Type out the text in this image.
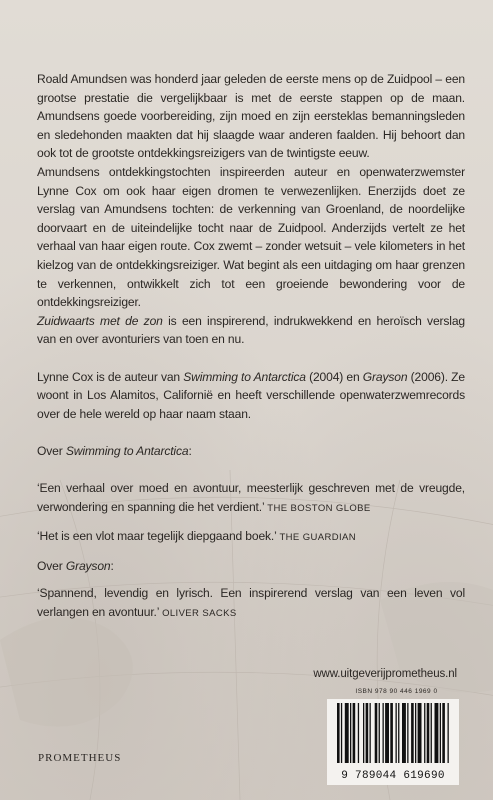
Roald Amundsen was honderd jaar geleden de eerste mens op de Zuidpool – een grootse prestatie die vergelijkbaar is met de eerste stappen op de maan. Amundsens goede voorbereiding, zijn moed en zijn eersteklas bemanningsleden en sledehonden maakten dat hij slaagde waar anderen faalden. Hij behoort dan ook tot de grootste ontdekkingsreizigers van de twintigste eeuw.

Amundsens ontdekkingstochten inspireerden auteur en openwaterzwemster Lynne Cox om ook haar eigen dromen te verwezenlijken. Enerzijds doet ze verslag van Amundsens tochten: de verkenning van Groenland, de noordelijke doorvaart en de uiteindelijke tocht naar de Zuidpool. Anderzijds vertelt ze het verhaal van haar eigen route. Cox zwemt – zonder wetsuit – vele kilometers in het kielzog van de ontdekkingsreiziger. Wat begint als een uitdaging om haar grenzen te verkennen, ontwikkelt zich tot een groeiende bewondering voor de ontdekkingsreiziger.

Zuidwaarts met de zon is een inspirerend, indrukwekkend en heroïsch verslag van en over avonturiers van toen en nu.

Lynne Cox is de auteur van Swimming to Antarctica (2004) en Grayson (2006). Ze woont in Los Alamitos, Californië en heeft verschillende openwaterzwemrecords over de hele wereld op haar naam staan.

Over Swimming to Antarctica:

‘Een verhaal over moed en avontuur, meesterlijk geschreven met de vreugde, verwondering en spanning die het verdient.’ THE BOSTON GLOBE

‘Het is een vlot maar tegelijk diepgaand boek.’ THE GUARDIAN

Over Grayson:

‘Spannend, levendig en lyrisch. Een inspirerend verslag van een leven vol verlangen en avontuur.’ OLIVER SACKS

www.uitgeverijprometheus.nl
ISBN 978 90 446 1969 0
9 789044 619690
PROMETHEUS
